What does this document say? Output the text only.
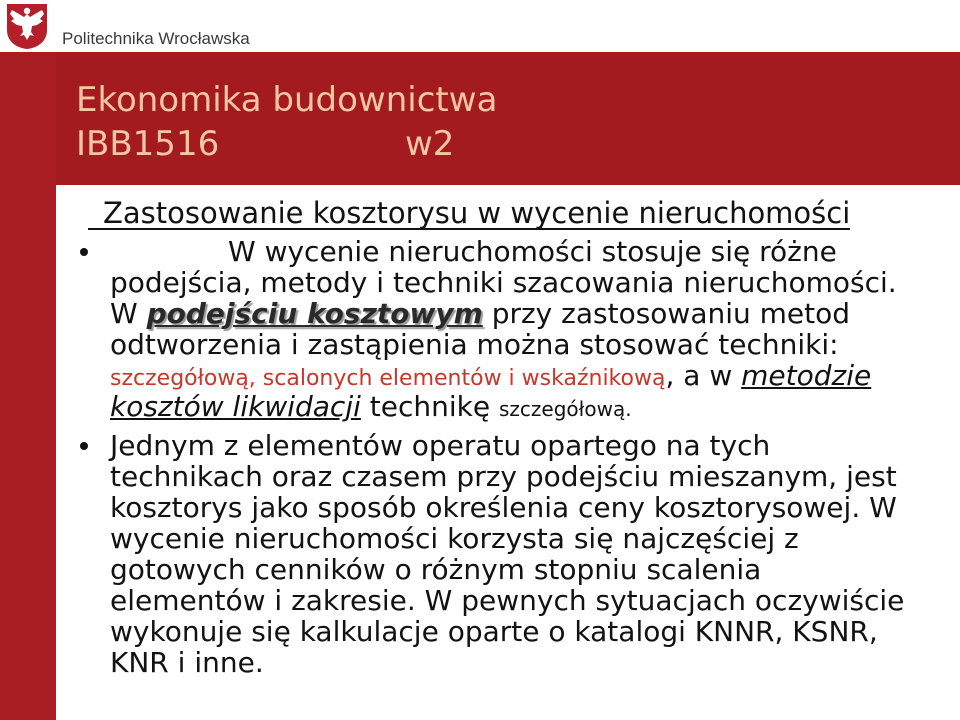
Politechnika Wrocławska
Ekonomika budownictwa
IBB1516	w2
Zastosowanie kosztorysu w wycenie nieruchomości
W wycenie nieruchomości stosuje się różne
podejścia, metody i techniki szacowania nieruchomości.
W podejściu kosztowym przy zastosowaniu metod
odtworzenia i zastąpienia można stosować techniki:
szczegółową, scalonych elementów i wskaźnikową, a w metodzie
kosztów likwidacji technikę szczegółową.
Jednym z elementów operatu opartego na tych
technikach oraz czasem przy podejściu mieszanym, jest
kosztorys jako sposób określenia ceny kosztorysowej. W
wycenie nieruchomości korzysta się najczęściej z
gotowych cenników o różnym stopniu scalenia
elementów i zakresie. W pewnych sytuacjach oczywiście
wykonuje się kalkulacje oparte o katalogi KNNR, KSNR,
KNR i inne.
